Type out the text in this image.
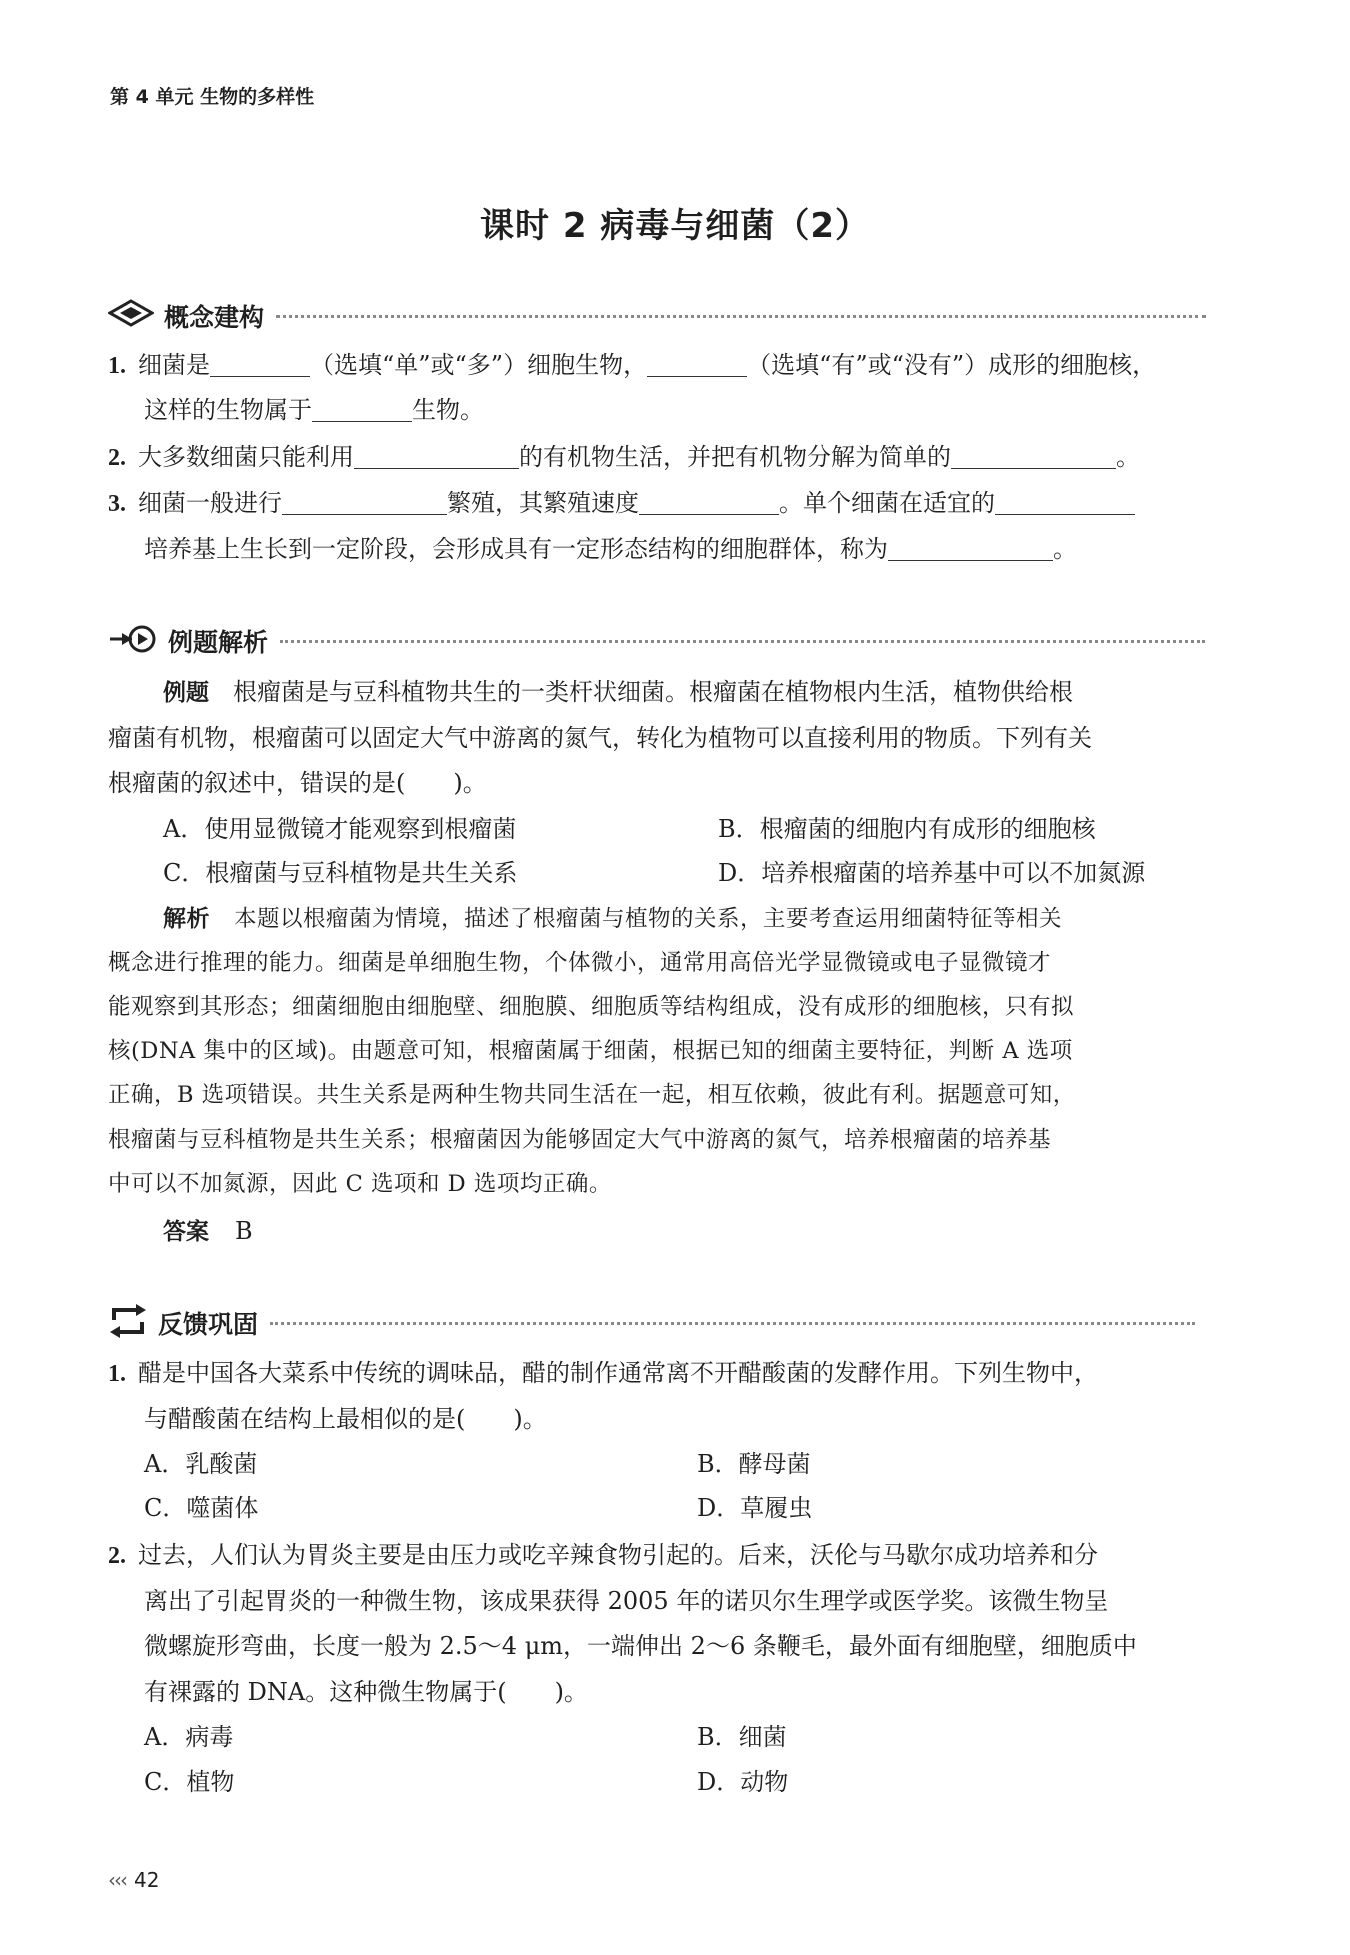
第 4 单元 生物的多样性
课时 2 病毒与细菌（2）
概念建构
1. 细菌是	（选填“单”或“多”）细胞生物，	（选填“有”或“没有”）成形的细胞核，
这样的生物属于	生物。
2. 大多数细菌只能利用	的有机物生活，并把有机物分解为简单的	。
3. 细菌一般进行	繁殖，其繁殖速度	。单个细菌在适宜的
培养基上生长到一定阶段，会形成具有一定形态结构的细胞群体，称为	。
例题解析
例题 根瘤菌是与豆科植物共生的一类杆状细菌。根瘤菌在植物根内生活，植物供给根
瘤菌有机物，根瘤菌可以固定大气中游离的氮气，转化为植物可以直接利用的物质。下列有关
根瘤菌的叙述中，错误的是(　　)。
A．使用显微镜才能观察到根瘤菌	B．根瘤菌的细胞内有成形的细胞核
C．根瘤菌与豆科植物是共生关系	D．培养根瘤菌的培养基中可以不加氮源
解析 本题以根瘤菌为情境，描述了根瘤菌与植物的关系，主要考查运用细菌特征等相关
概念进行推理的能力。细菌是单细胞生物，个体微小，通常用高倍光学显微镜或电子显微镜才
能观察到其形态；细菌细胞由细胞壁、细胞膜、细胞质等结构组成，没有成形的细胞核，只有拟
核(DNA 集中的区域)。由题意可知，根瘤菌属于细菌，根据已知的细菌主要特征，判断 A 选项
正确，B 选项错误。共生关系是两种生物共同生活在一起，相互依赖，彼此有利。据题意可知，
根瘤菌与豆科植物是共生关系；根瘤菌因为能够固定大气中游离的氮气，培养根瘤菌的培养基
中可以不加氮源，因此 C 选项和 D 选项均正确。
答案 B
反馈巩固
1. 醋是中国各大菜系中传统的调味品，醋的制作通常离不开醋酸菌的发酵作用。下列生物中，
与醋酸菌在结构上最相似的是(　　)。
A．乳酸菌	B．酵母菌
C．噬菌体	D．草履虫
2. 过去，人们认为胃炎主要是由压力或吃辛辣食物引起的。后来，沃伦与马歇尔成功培养和分
离出了引起胃炎的一种微生物，该成果获得 2005 年的诺贝尔生理学或医学奖。该微生物呈
微螺旋形弯曲，长度一般为 2.5～4 μm，一端伸出 2～6 条鞭毛，最外面有细胞壁，细胞质中
有裸露的 DNA。这种微生物属于(　　)。
A．病毒	B．细菌
C．植物	D．动物
‹‹‹ 42
